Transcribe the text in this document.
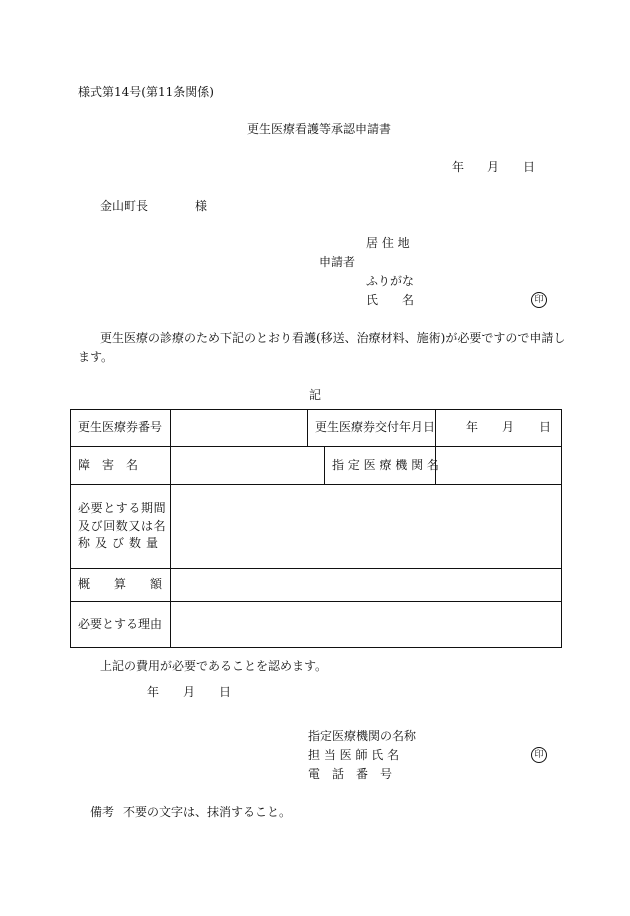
様式第14号(第11条関係)
更生医療看護等承認申請書
年 月 日
金山町長	様
居 住 地
申請者
ふりがな
氏　　名	印
更生医療の診療のため下記のとおり看護(移送、治療材料、施術)が必要ですので申請し
ます。
記
更生医療券番号		更生医療券交付年月日		年 月 日
障　害　名			指 定 医 療 機 関 名	

必要とする期間
及び回数又は名
称 及 び 数 量				

概　　算　　額				
必要とする理由				
上記の費用が必要であることを認めます。
年 月 日
指定医療機関の名称
担 当 医 師 氏 名	印
電　話　番　号
備考 不要の文字は、抹消すること。
